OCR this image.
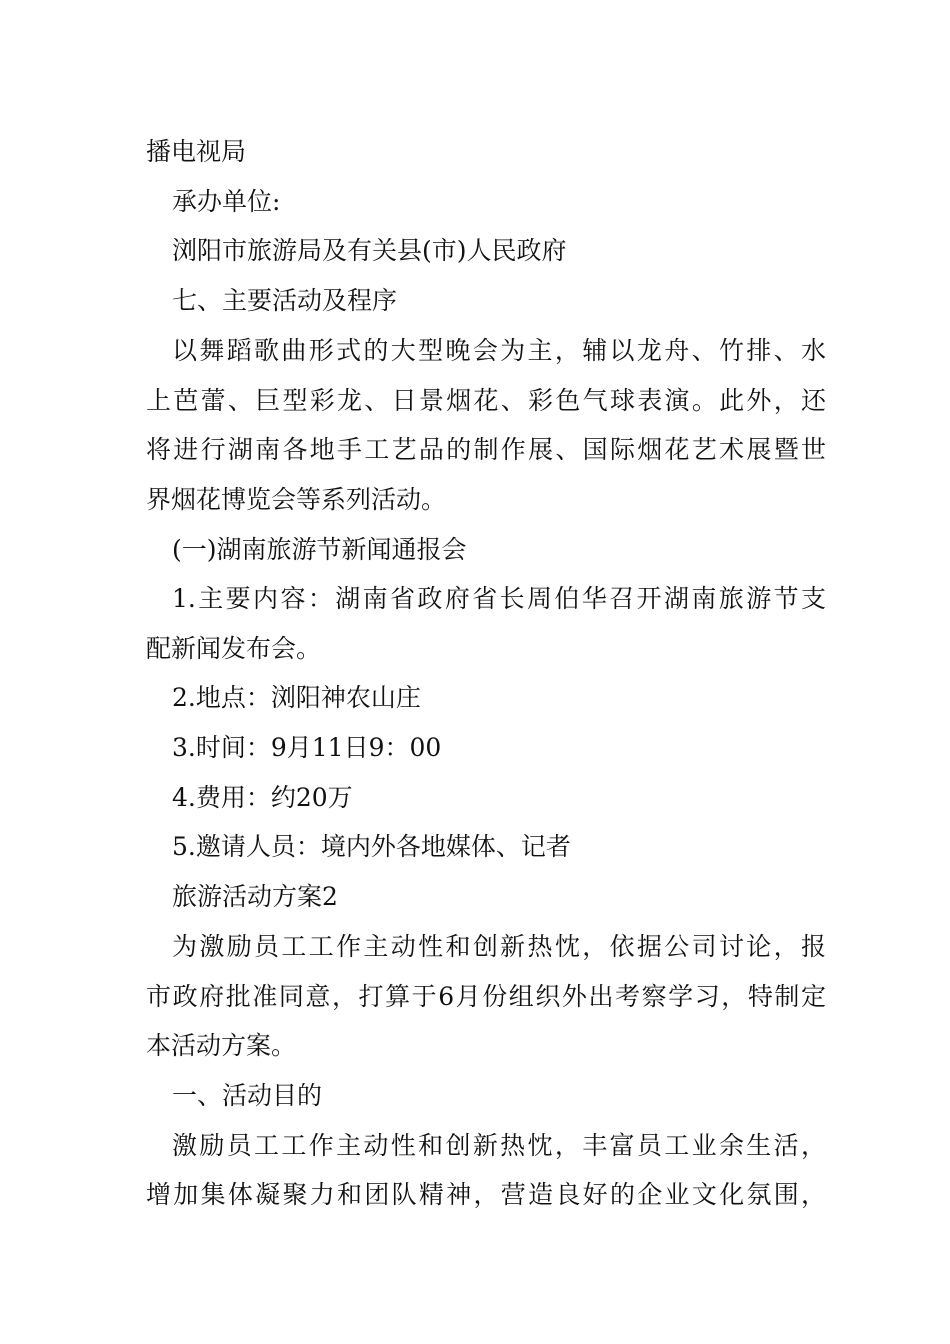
播电视局
承办单位:
浏阳市旅游局及有关县(市)人民政府
七、主要活动及程序
以舞蹈歌曲形式的大型晚会为主，辅以龙舟、竹排、水
上芭蕾、巨型彩龙、日景烟花、彩色气球表演。此外，还
将进行湖南各地手工艺品的制作展、国际烟花艺术展暨世
界烟花博览会等系列活动。
(一)湖南旅游节新闻通报会
1.主要内容：湖南省政府省长周伯华召开湖南旅游节支
配新闻发布会。
2.地点：浏阳神农山庄
3.时间：9月11日9：00
4.费用：约20万
5.邀请人员：境内外各地媒体、记者
旅游活动方案2
为激励员工工作主动性和创新热忱，依据公司讨论，报
市政府批准同意，打算于6月份组织外出考察学习，特制定
本活动方案。
一、活动目的
激励员工工作主动性和创新热忱，丰富员工业余生活，
增加集体凝聚力和团队精神，营造良好的企业文化氛围，
